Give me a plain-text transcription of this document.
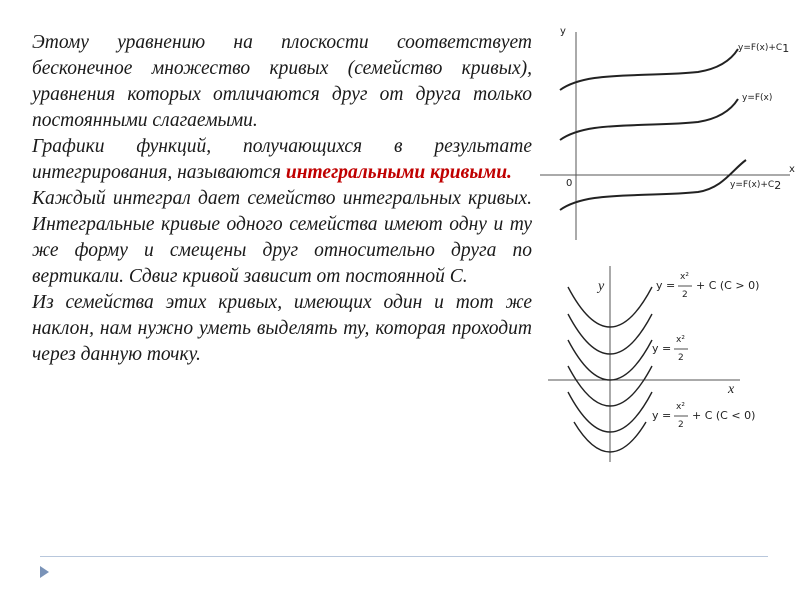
Этому уравнению на плоскости соответствует бесконечное множество кривых (семейство кривых), уравнения которых отличаются друг от друга только постоянными слагаемыми.

Графики функций, получающихся в результате интегрирования, называются интегральными кривыми.

Каждый интеграл дает семейство интегральных кривых. Интегральные кривые одного семейства имеют одну и ту же форму и смещены друг относительно друга по вертикали. Сдвиг кривой зависит от постоянной С.

Из семейства этих кривых, имеющих один и тот же наклон, нам нужно уметь выделять ту, которая проходит через данную точку.

y
x
0
y=F(x)+C1
y=F(x)
y=F(x)+C2
y
x
y =
x²
2
+ C (C > 0)
y =
x²
2
y =
x²
2
+ C (C < 0)
